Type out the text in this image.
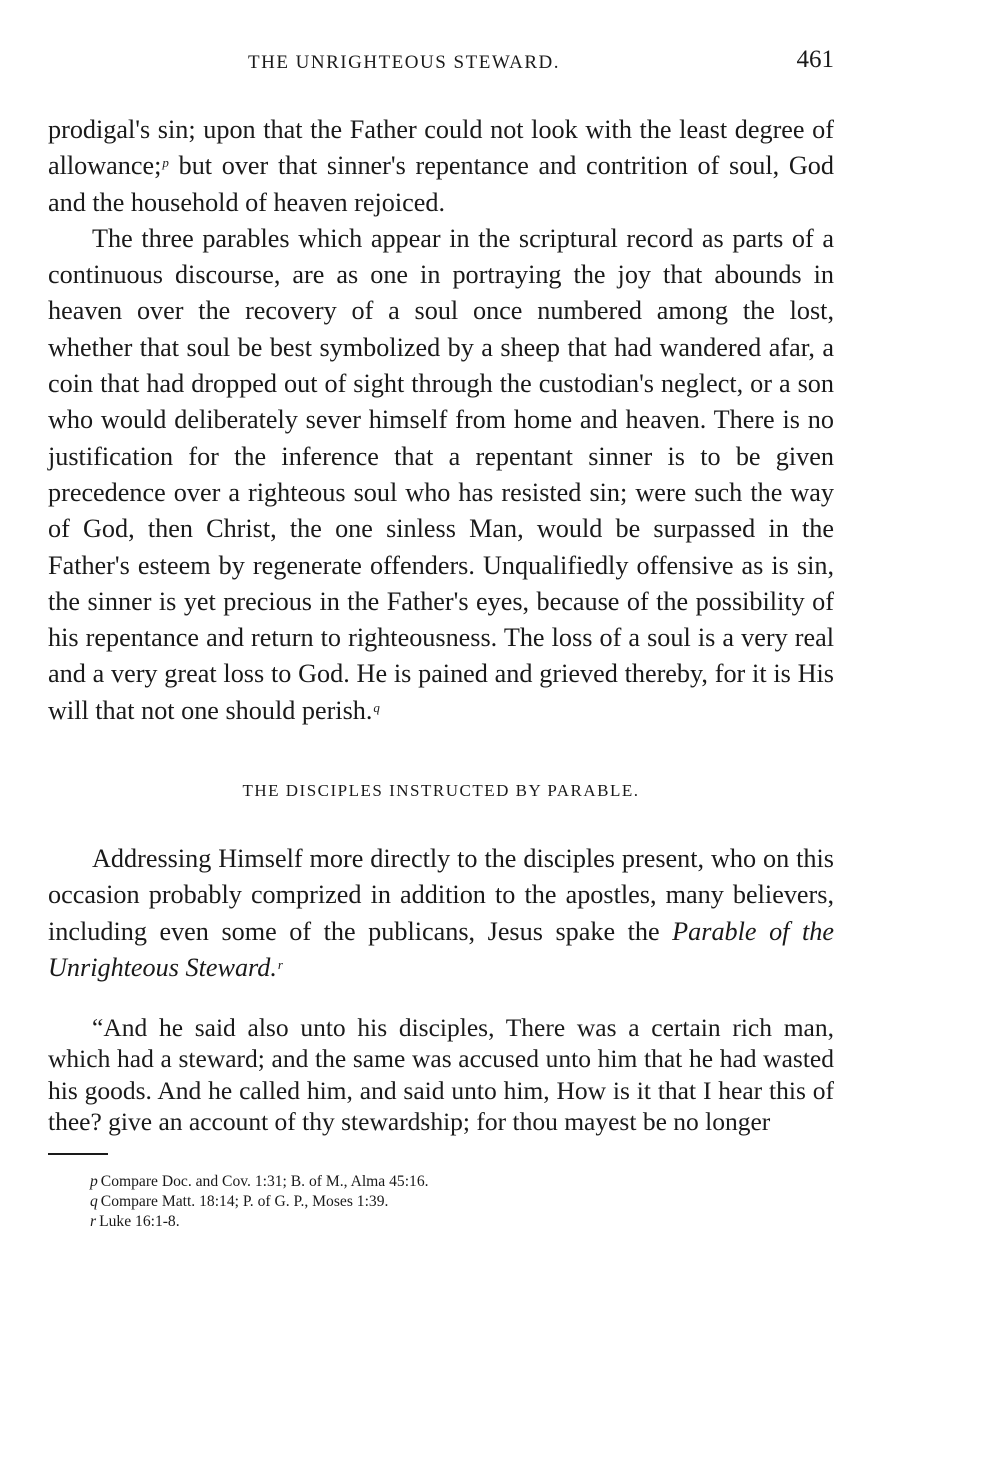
THE UNRIGHTEOUS STEWARD.	461

prodigal's sin; upon that the Father could not look with the least degree of allowance;$^p$ but over that sinner's repentance and contrition of soul, God and the household of heaven rejoiced.

The three parables which appear in the scriptural record as parts of a continuous discourse, are as one in portraying the joy that abounds in heaven over the recovery of a soul once numbered among the lost, whether that soul be best symbolized by a sheep that had wandered afar, a coin that had dropped out of sight through the custodian's neglect, or a son who would deliberately sever himself from home and heaven. There is no justification for the inference that a repentant sinner is to be given precedence over a righteous soul who has resisted sin; were such the way of God, then Christ, the one sinless Man, would be surpassed in the Father's esteem by regenerate offenders. Unqualifiedly offensive as is sin, the sinner is yet precious in the Father's eyes, because of the possibility of his repentance and return to righteousness. The loss of a soul is a very real and a very great loss to God. He is pained and grieved thereby, for it is His will that not one should perish.$^q$

THE DISCIPLES INSTRUCTED BY PARABLE.

Addressing Himself more directly to the disciples present, who on this occasion probably comprized in addition to the apostles, many believers, including even some of the publicans, Jesus spake the Parable of the Unrighteous Steward.$^r$

“And he said also unto his disciples, There was a certain rich man, which had a steward; and the same was accused unto him that he had wasted his goods. And he called him, and said unto him, How is it that I hear this of thee? give an account of thy stewardship; for thou mayest be no longer

p Compare Doc. and Cov. 1:31; B. of M., Alma 45:16.
q Compare Matt. 18:14; P. of G. P., Moses 1:39.
r Luke 16:1-8.
